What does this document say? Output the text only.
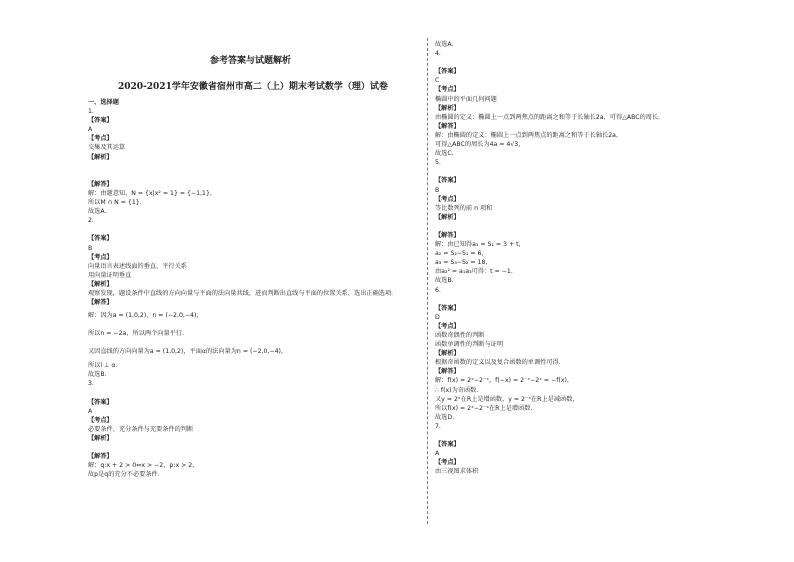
参考答案与试题解析
2020-2021学年安徽省宿州市高二（上）期末考试数学（理）试卷
一、选择题
1.
【答案】
A
【考点】
交集及其运算
【解析】
【解答】
解：由题意知，N = {x|x² = 1} = {−1,1}，
所以M ∩ N = {1}.
故选A.
2.
【答案】
B
【考点】
向量语言表述线面的垂直、平行关系
用向量证明垂直
【解析】
观察发现，题设条件中直线的方向向量与平面的法向量共线，进而判断出直线与平面的位置关系，选出正确选项．
【解答】
解：因为a = (1,0,2)，n = (−2,0,−4)，
所以n = −2a，所以两个向量平行．
又因直线的方向向量为a = (1,0,2)，平面α的法向量为n = (−2,0,−4)，
所以l ⊥ α．
故选B.
3.
【答案】
A
【考点】
必要条件、充分条件与充要条件的判断
【解析】
【解答】
解：q:x + 2 > 0⇔x > −2，p:x > 2，
故p是q的充分不必要条件．
故选A.
4.
【答案】
C
【考点】
椭圆中的平面几何问题
【解析】
由椭圆的定义：椭圆上一点到两焦点的距离之和等于长轴长2a，可得△ABC的周长．
【解答】
解：由椭圆的定义：椭圆上一点到两焦点的距离之和等于长轴长2a，
可得△ABC的周长为4a = 4√3，
故选C.
5.
【答案】
B
【考点】
等比数列的前 n 项和
【解析】
【解答】
解：由已知得a₁ = S₁ = 3 + t，
a₂ = S₂−S₁ = 6，
a₃ = S₃−S₂ = 18，
由a₂² = a₁a₃可得：t = −1.
故选B.
6.
【答案】
D
【考点】
函数奇偶性的判断
函数单调性的判断与证明
【解析】
根据奇函数的定义以及复合函数的单调性可得．
【解答】
解：f(x) = 2ˣ−2⁻ˣ，f(−x) = 2⁻ˣ−2ˣ = −f(x)，
∴ f(x)为奇函数.
又y = 2ˣ在R上是增函数，y = 2⁻ˣ在R上是减函数，
所以f(x) = 2ˣ−2⁻ˣ在R上是增函数.
故选D.
7.
【答案】
A
【考点】
由三视图求体积
